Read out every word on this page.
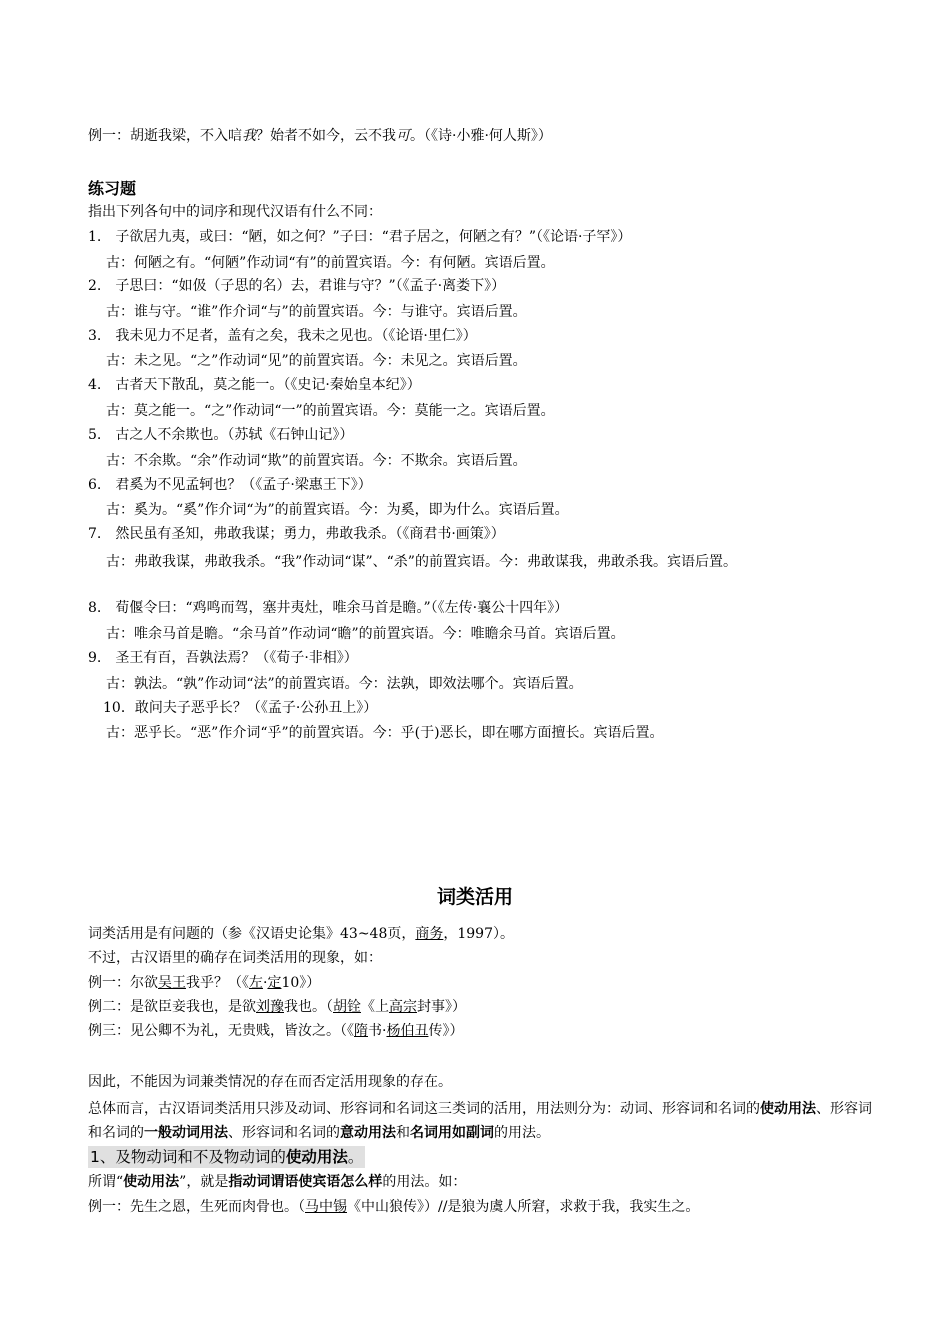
例一：胡逝我梁，不入唁我？始者不如今，云不我可。（《诗·小雅·何人斯》）
练习题
指出下列各句中的词序和现代汉语有什么不同：
1.　子欲居九夷，或曰：“陋，如之何？”子曰：“君子居之，何陋之有？”（《论语·子罕》）
古：何陋之有。“何陋”作动词“有”的前置宾语。今：有何陋。宾语后置。
2.　子思曰：“如伋（子思的名）去，君谁与守？”（《孟子·离娄下》）
古：谁与守。“谁”作介词“与”的前置宾语。今：与谁守。宾语后置。
3.　我未见力不足者，盖有之矣，我未之见也。（《论语·里仁》）
古：未之见。“之”作动词“见”的前置宾语。今：未见之。宾语后置。
4.　古者天下散乱，莫之能一。（《史记·秦始皇本纪》）
古：莫之能一。“之”作动词“一”的前置宾语。今：莫能一之。宾语后置。
5.　古之人不余欺也。（苏轼《石钟山记》）
古：不余欺。“余”作动词“欺”的前置宾语。今：不欺余。宾语后置。
6.　君奚为不见孟轲也？（《孟子·梁惠王下》）
古：奚为。“奚”作介词“为”的前置宾语。今：为奚，即为什么。宾语后置。
7.　然民虽有圣知，弗敢我谋；勇力，弗敢我杀。（《商君书·画策》）
古：弗敢我谋，弗敢我杀。“我”作动词“谋”、“杀”的前置宾语。今：弗敢谋我，弗敢杀我。宾语后置。
8.　荀偃令曰：“鸡鸣而驾，塞井夷灶，唯余马首是瞻。”（《左传·襄公十四年》）
古：唯余马首是瞻。“余马首”作动词“瞻”的前置宾语。今：唯瞻余马首。宾语后置。
9.　圣王有百，吾孰法焉？（《荀子·非相》）
古：孰法。“孰”作动词“法”的前置宾语。今：法孰，即效法哪个。宾语后置。
10．敢问夫子恶乎长？（《孟子·公孙丑上》）
古：恶乎长。“恶”作介词“乎”的前置宾语。今：乎(于)恶长，即在哪方面擅长。宾语后置。
词类活用
词类活用是有问题的（参《汉语史论集》43~48页，商务，1997）。
不过，古汉语里的确存在词类活用的现象，如：
例一：尔欲吴王我乎？（《左·定10》）
例二：是欲臣妾我也，是欲刘豫我也。（胡铨《上高宗封事》）
例三：见公卿不为礼，无贵贱，皆汝之。（《隋书·杨伯丑传》）
因此，不能因为词兼类情况的存在而否定活用现象的存在。
总体而言，古汉语词类活用只涉及动词、形容词和名词这三类词的活用，用法则分为：动词、形容词和名词的使动用法、形容词和名词的一般动词用法、形容词和名词的意动用法和名词用如副词的用法。
1、及物动词和不及物动词的使动用法。
所谓“使动用法”，就是指动词谓语使宾语怎么样的用法。如：
例一：先生之恩，生死而肉骨也。（马中锡《中山狼传》）//是狼为虞人所窘，求救于我，我实生之。
